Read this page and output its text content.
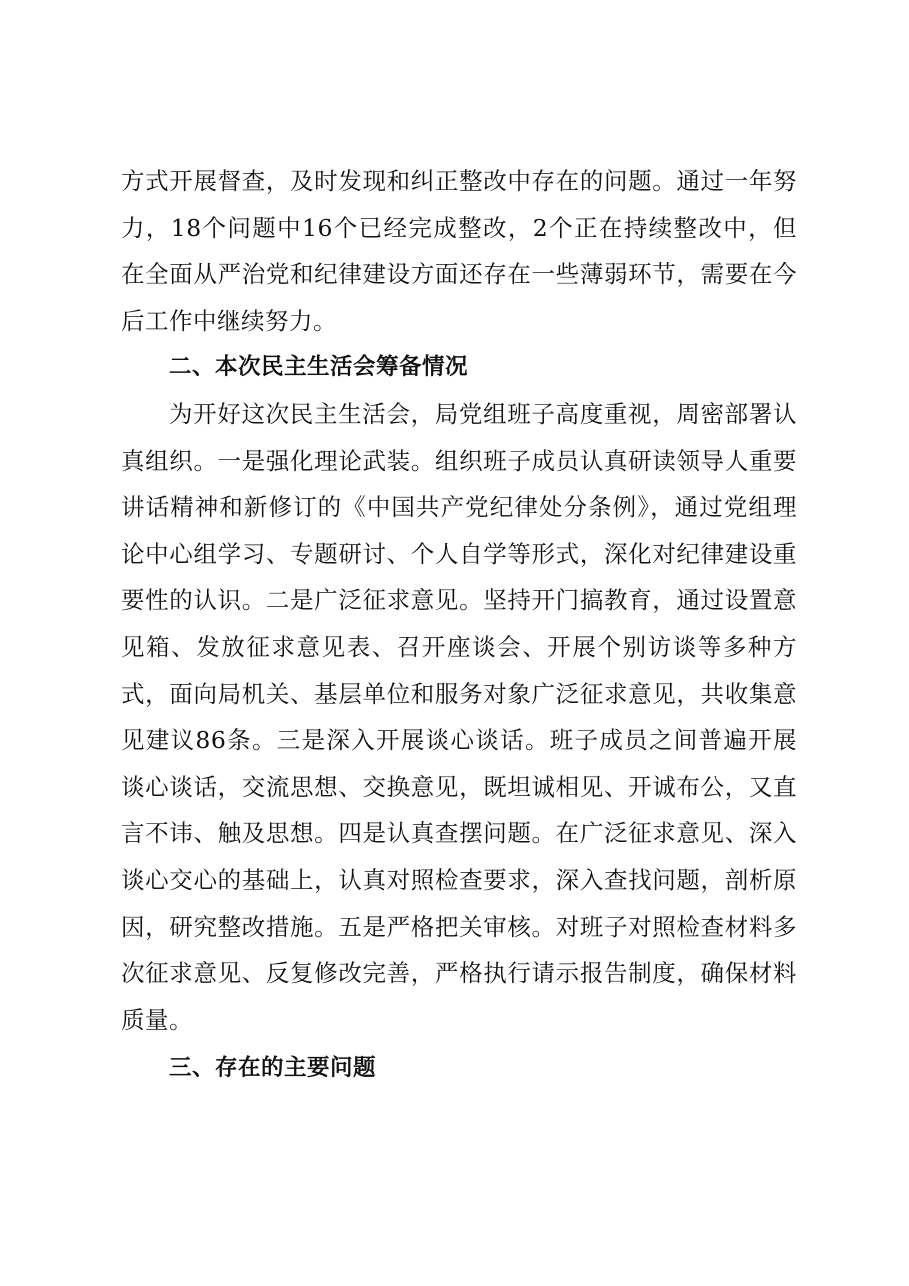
方式开展督查，及时发现和纠正整改中存在的问题。通过一年努力，18个问题中16个已经完成整改，2个正在持续整改中，但在全面从严治党和纪律建设方面还存在一些薄弱环节，需要在今后工作中继续努力。

二、本次民主生活会筹备情况

为开好这次民主生活会，局党组班子高度重视，周密部署认真组织。一是强化理论武装。组织班子成员认真研读领导人重要讲话精神和新修订的《中国共产党纪律处分条例》，通过党组理论中心组学习、专题研讨、个人自学等形式，深化对纪律建设重要性的认识。二是广泛征求意见。坚持开门搞教育，通过设置意见箱、发放征求意见表、召开座谈会、开展个别访谈等多种方式，面向局机关、基层单位和服务对象广泛征求意见，共收集意见建议86条。三是深入开展谈心谈话。班子成员之间普遍开展谈心谈话，交流思想、交换意见，既坦诚相见、开诚布公，又直言不讳、触及思想。四是认真查摆问题。在广泛征求意见、深入谈心交心的基础上，认真对照检查要求，深入查找问题，剖析原因，研究整改措施。五是严格把关审核。对班子对照检查材料多次征求意见、反复修改完善，严格执行请示报告制度，确保材料质量。

三、存在的主要问题
